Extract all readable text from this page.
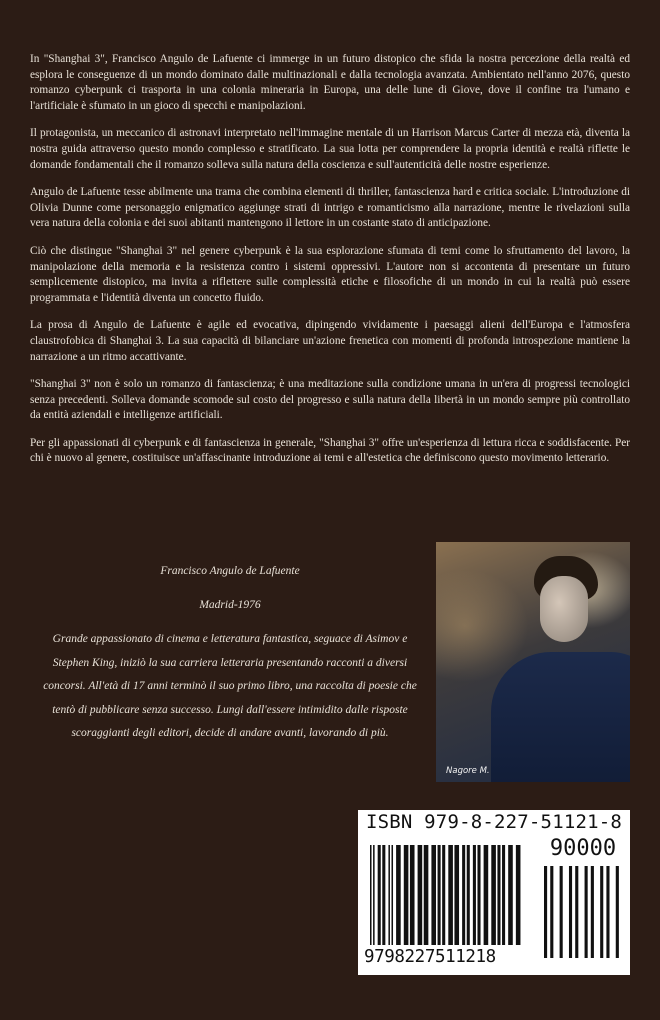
In "Shanghai 3", Francisco Angulo de Lafuente ci immerge in un futuro distopico che sfida la nostra percezione della realtà ed esplora le conseguenze di un mondo dominato dalle multinazionali e dalla tecnologia avanzata. Ambientato nell'anno 2076, questo romanzo cyberpunk ci trasporta in una colonia mineraria in Europa, una delle lune di Giove, dove il confine tra l'umano e l'artificiale è sfumato in un gioco di specchi e manipolazioni.

Il protagonista, un meccanico di astronavi interpretato nell'immagine mentale di un Harrison Marcus Carter di mezza età, diventa la nostra guida attraverso questo mondo complesso e stratificato. La sua lotta per comprendere la propria identità e realtà riflette le domande fondamentali che il romanzo solleva sulla natura della coscienza e sull'autenticità delle nostre esperienze.

Angulo de Lafuente tesse abilmente una trama che combina elementi di thriller, fantascienza hard e critica sociale. L'introduzione di Olivia Dunne come personaggio enigmatico aggiunge strati di intrigo e romanticismo alla narrazione, mentre le rivelazioni sulla vera natura della colonia e dei suoi abitanti mantengono il lettore in un costante stato di anticipazione.

Ciò che distingue "Shanghai 3" nel genere cyberpunk è la sua esplorazione sfumata di temi come lo sfruttamento del lavoro, la manipolazione della memoria e la resistenza contro i sistemi oppressivi. L'autore non si accontenta di presentare un futuro semplicemente distopico, ma invita a riflettere sulle complessità etiche e filosofiche di un mondo in cui la realtà può essere programmata e l'identità diventa un concetto fluido.

La prosa di Angulo de Lafuente è agile ed evocativa, dipingendo vividamente i paesaggi alieni dell'Europa e l'atmosfera claustrofobica di Shanghai 3. La sua capacità di bilanciare un'azione frenetica con momenti di profonda introspezione mantiene la narrazione a un ritmo accattivante.

"Shanghai 3" non è solo un romanzo di fantascienza; è una meditazione sulla condizione umana in un'era di progressi tecnologici senza precedenti. Solleva domande scomode sul costo del progresso e sulla natura della libertà in un mondo sempre più controllato da entità aziendali e intelligenze artificiali.

Per gli appassionati di cyberpunk e di fantascienza in generale, "Shanghai 3" offre un'esperienza di lettura ricca e soddisfacente. Per chi è nuovo al genere, costituisce un'affascinante introduzione ai temi e all'estetica che definiscono questo movimento letterario.

Francisco Angulo de Lafuente

Madrid-1976

Grande appassionato di cinema e letteratura fantastica, seguace di Asimov e Stephen King, iniziò la sua carriera letteraria presentando racconti a diversi concorsi. All'età di 17 anni terminò il suo primo libro, una raccolta di poesie che tentò di pubblicare senza successo. Lungi dall'essere intimidito dalle risposte scoraggianti degli editori, decide di andare avanti, lavorando di più.

Nagore M.
ISBN 979-8-227-51121-8
90000
9798227511218
